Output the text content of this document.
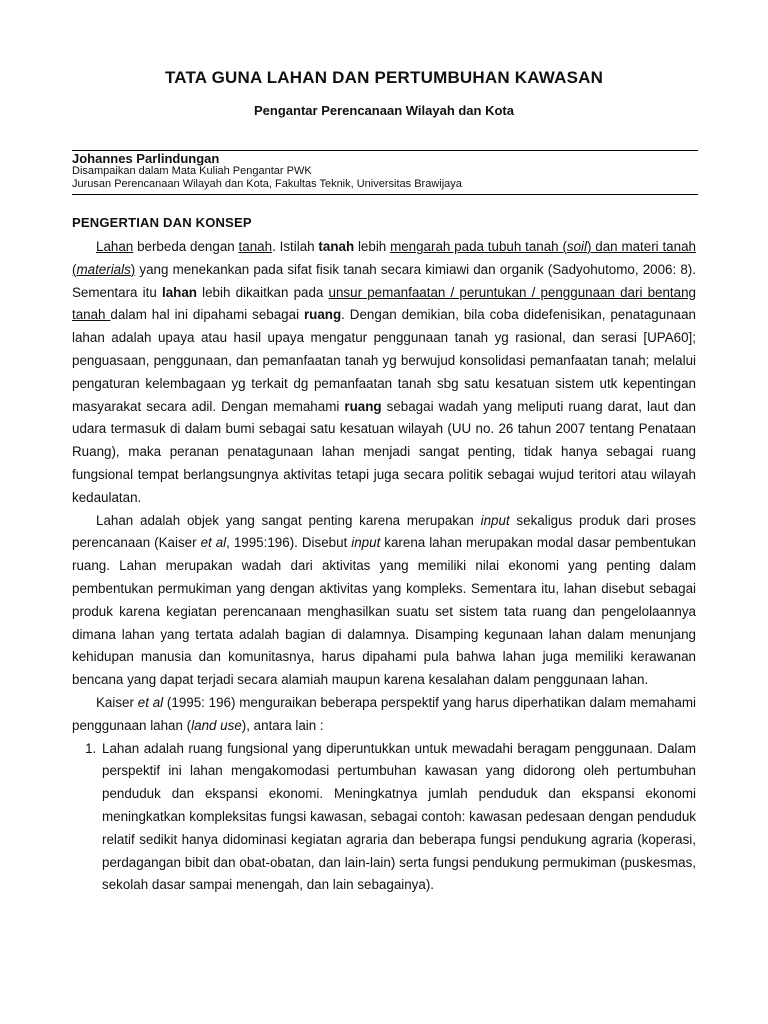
TATA GUNA LAHAN DAN PERTUMBUHAN KAWASAN
Pengantar Perencanaan Wilayah dan Kota
Johannes Parlindungan
Disampaikan dalam Mata Kuliah Pengantar PWK
Jurusan Perencanaan Wilayah dan Kota, Fakultas Teknik, Universitas Brawijaya
PENGERTIAN DAN KONSEP

Lahan berbeda dengan tanah. Istilah tanah lebih mengarah pada tubuh tanah (soil) dan materi tanah (materials) yang menekankan pada sifat fisik tanah secara kimiawi dan organik (Sadyohutomo, 2006: 8). Sementara itu lahan lebih dikaitkan pada unsur pemanfaatan / peruntukan / penggunaan dari bentang tanah dalam hal ini dipahami sebagai ruang. Dengan demikian, bila coba didefenisikan, penatagunaan lahan adalah upaya atau hasil upaya mengatur penggunaan tanah yg rasional, dan serasi [UPA60]; penguasaan, penggunaan, dan pemanfaatan tanah yg berwujud konsolidasi pemanfaatan tanah; melalui pengaturan kelembagaan yg terkait dg pemanfaatan tanah sbg satu kesatuan sistem utk kepentingan masyarakat secara adil. Dengan memahami ruang sebagai wadah yang meliputi ruang darat, laut dan udara termasuk di dalam bumi sebagai satu kesatuan wilayah (UU no. 26 tahun 2007 tentang Penataan Ruang), maka peranan penatagunaan lahan menjadi sangat penting, tidak hanya sebagai ruang fungsional tempat berlangsungnya aktivitas tetapi juga secara politik sebagai wujud teritori atau wilayah kedaulatan.

Lahan adalah objek yang sangat penting karena merupakan input sekaligus produk dari proses perencanaan (Kaiser et al, 1995:196). Disebut input karena lahan merupakan modal dasar pembentukan ruang. Lahan merupakan wadah dari aktivitas yang memiliki nilai ekonomi yang penting dalam pembentukan permukiman yang dengan aktivitas yang kompleks. Sementara itu, lahan disebut sebagai produk karena kegiatan perencanaan menghasilkan suatu set sistem tata ruang dan pengelolaannya dimana lahan yang tertata adalah bagian di dalamnya. Disamping kegunaan lahan dalam menunjang kehidupan manusia dan komunitasnya, harus dipahami pula bahwa lahan juga memiliki kerawanan bencana yang dapat terjadi secara alamiah maupun karena kesalahan dalam penggunaan lahan.

Kaiser et al (1995: 196) menguraikan beberapa perspektif yang harus diperhatikan dalam memahami penggunaan lahan (land use), antara lain :

1. Lahan adalah ruang fungsional yang diperuntukkan untuk mewadahi beragam penggunaan. Dalam perspektif ini lahan mengakomodasi pertumbuhan kawasan yang didorong oleh pertumbuhan penduduk dan ekspansi ekonomi. Meningkatnya jumlah penduduk dan ekspansi ekonomi meningkatkan kompleksitas fungsi kawasan, sebagai contoh: kawasan pedesaan dengan penduduk relatif sedikit hanya didominasi kegiatan agraria dan beberapa fungsi pendukung agraria (koperasi, perdagangan bibit dan obat-obatan, dan lain-lain) serta fungsi pendukung permukiman (puskesmas, sekolah dasar sampai menengah, dan lain sebagainya).
